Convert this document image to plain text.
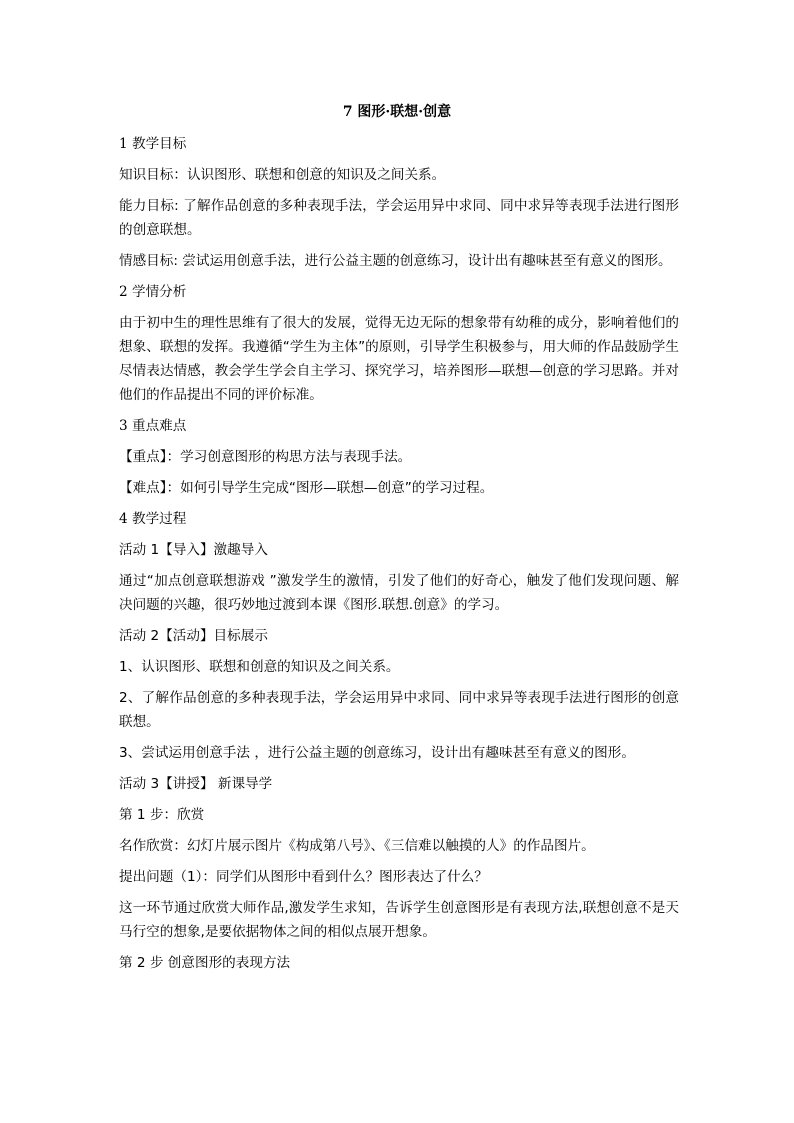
7 图形·联想·创意

1 教学目标

知识目标：认识图形、联想和创意的知识及之间关系。

能力目标: 了解作品创意的多种表现手法，学会运用异中求同、同中求异等表现手法进行图形的创意联想。

情感目标: 尝试运用创意手法，进行公益主题的创意练习，设计出有趣味甚至有意义的图形。

2 学情分析

由于初中生的理性思维有了很大的发展，觉得无边无际的想象带有幼稚的成分，影响着他们的想象、联想的发挥。我遵循“学生为主体”的原则，引导学生积极参与，用大师的作品鼓励学生尽情表达情感，教会学生学会自主学习、探究学习，培养图形—联想—创意的学习思路。并对他们的作品提出不同的评价标准。

3 重点难点

【重点】：学习创意图形的构思方法与表现手法。

【难点】：如何引导学生完成“图形—联想—创意”的学习过程。

4 教学过程

活动 1【导入】激趣导入

通过“加点创意联想游戏 ”激发学生的激情，引发了他们的好奇心，触发了他们发现问题、解决问题的兴趣，很巧妙地过渡到本课《图形.联想.创意》的学习。

活动 2【活动】目标展示

1、认识图形、联想和创意的知识及之间关系。

2、了解作品创意的多种表现手法，学会运用异中求同、同中求异等表现手法进行图形的创意联想。

3、尝试运用创意手法 ，进行公益主题的创意练习，设计出有趣味甚至有意义的图形。

活动 3【讲授】 新课导学

第 1 步：欣赏

名作欣赏：幻灯片展示图片《构成第八号》、《三信难以触摸的人》的作品图片。

提出问题（1）：同学们从图形中看到什么？图形表达了什么？

这一环节通过欣赏大师作品,激发学生求知，告诉学生创意图形是有表现方法,联想创意不是天马行空的想象,是要依据物体之间的相似点展开想象。

第 2 步 创意图形的表现方法
